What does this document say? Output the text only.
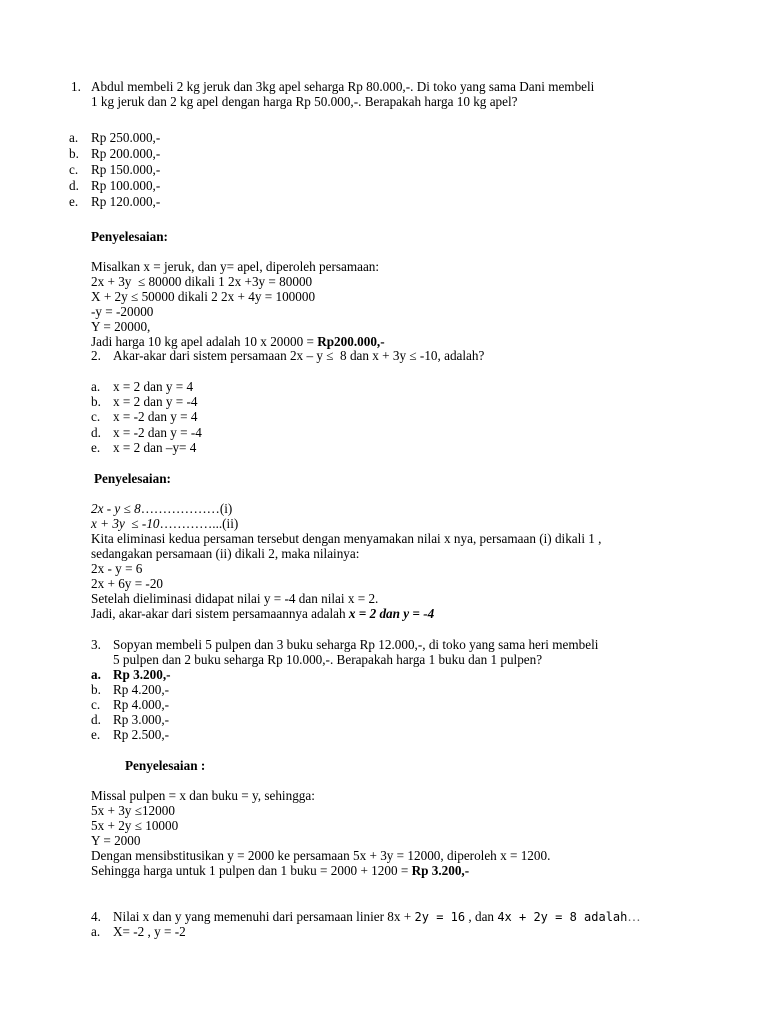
1. Abdul membeli 2 kg jeruk dan 3kg apel seharga Rp 80.000,-. Di toko yang sama Dani membeli
1 kg jeruk dan 2 kg apel dengan harga Rp 50.000,-. Berapakah harga 10 kg apel?
a. Rp 250.000,-
b. Rp 200.000,-
c. Rp 150.000,-
d. Rp 100.000,-
e. Rp 120.000,-
Penyelesaian:
Misalkan x = jeruk, dan y= apel, diperoleh persamaan:
2x + 3y  ≤ 80000 dikali 1 2x +3y = 80000
X + 2y ≤ 50000 dikali 2 2x + 4y = 100000
-y = -20000
Y = 20000,
Jadi harga 10 kg apel adalah 10 x 20000 = Rp200.000,-
2. Akar-akar dari sistem persamaan 2x – y ≤  8 dan x + 3y ≤ -10, adalah?
a. x = 2 dan y = 4
b. x = 2 dan y = -4
c. x = -2 dan y = 4
d. x = -2 dan y = -4
e. x = 2 dan –y= 4
Penyelesaian:
2x - y ≤ 8………………(i)
x + 3y  ≤ -10…………...(ii)
Kita eliminasi kedua persaman tersebut dengan menyamakan nilai x nya, persamaan (i) dikali 1 ,
sedangakan persamaan (ii) dikali 2, maka nilainya:
2x - y = 6
2x + 6y = -20
Setelah dieliminasi didapat nilai y = -4 dan nilai x = 2.
Jadi, akar-akar dari sistem persamaannya adalah x = 2 dan y = -4
3. Sopyan membeli 5 pulpen dan 3 buku seharga Rp 12.000,-, di toko yang sama heri membeli
5 pulpen dan 2 buku seharga Rp 10.000,-. Berapakah harga 1 buku dan 1 pulpen?
a. Rp 3.200,-
b. Rp 4.200,-
c. Rp 4.000,-
d. Rp 3.000,-
e. Rp 2.500,-
Penyelesaian :
Missal pulpen = x dan buku = y, sehingga:
5x + 3y ≤12000
5x + 2y ≤ 10000
Y = 2000
Dengan mensibstitusikan y = 2000 ke persamaan 5x + 3y = 12000, diperoleh x = 1200.
Sehingga harga untuk 1 pulpen dan 1 buku = 2000 + 1200 = Rp 3.200,-
4. Nilai x dan y yang memenuhi dari persamaan linier 8x + 2y = 16 , dan 4x + 2y = 8 adalah…
a. X= -2 , y = -2
